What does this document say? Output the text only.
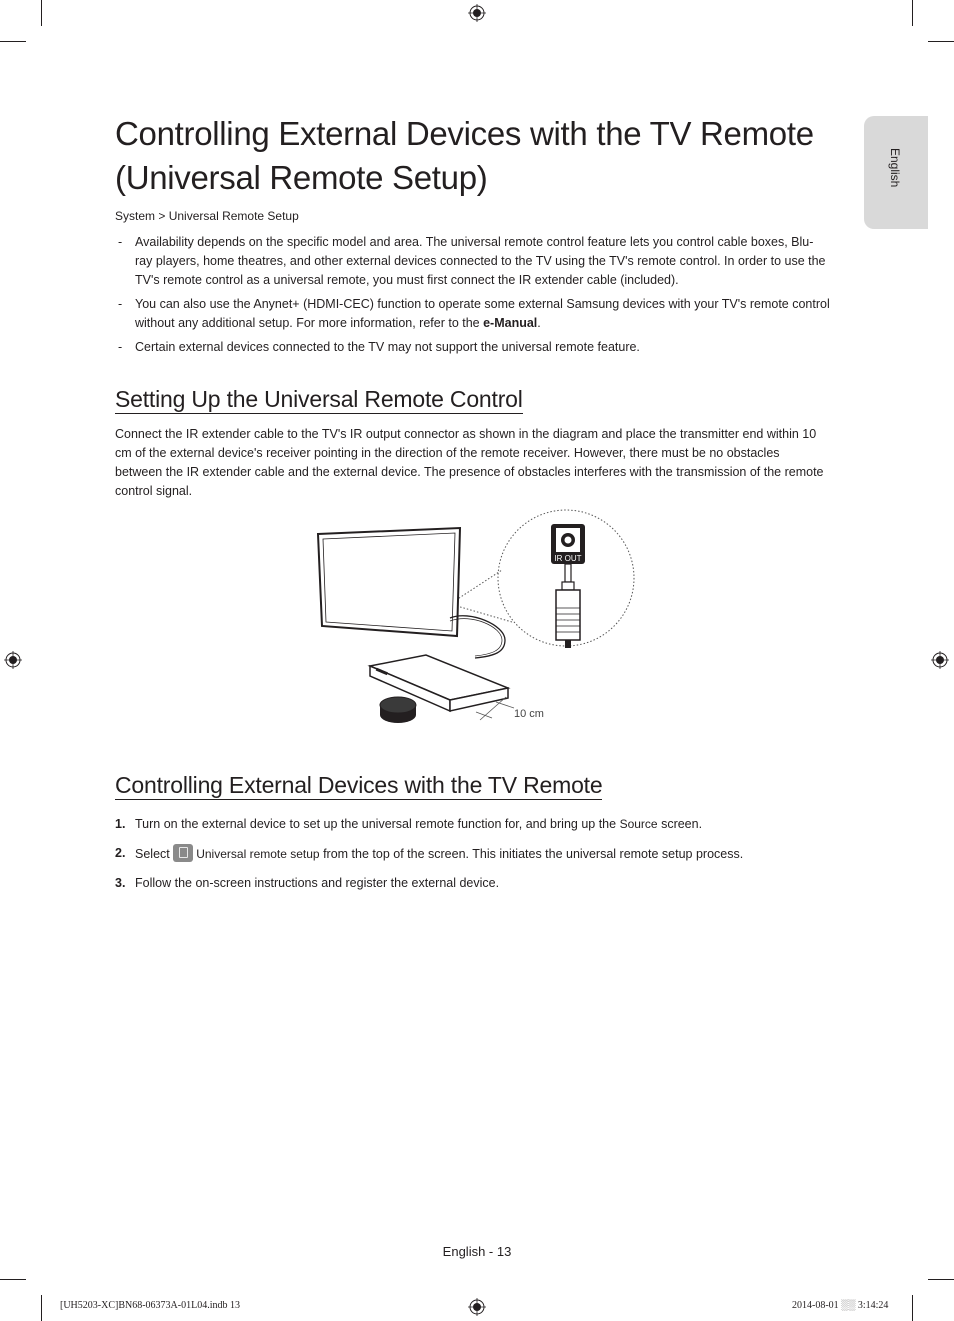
English
Controlling External Devices with the TV Remote (Universal Remote Setup)
System > Universal Remote Setup
- Availability depends on the specific model and area. The universal remote control feature lets you control cable boxes, Blu-ray players, home theatres, and other external devices connected to the TV using the TV's remote control. In order to use the TV's remote control as a universal remote, you must first connect the IR extender cable (included).
- You can also use the Anynet+ (HDMI-CEC) function to operate some external Samsung devices with your TV's remote control without any additional setup. For more information, refer to the e-Manual.
- Certain external devices connected to the TV may not support the universal remote feature.
Setting Up the Universal Remote Control

Connect the IR extender cable to the TV's IR output connector as shown in the diagram and place the transmitter end within 10 cm of the external device's receiver pointing in the direction of the remote receiver. However, there must be no obstacles between the IR extender cable and the external device. The presence of obstacles interferes with the transmission of the remote control signal.

IR OUT
10 cm
Controlling External Devices with the TV Remote
1. Turn on the external device to set up the universal remote function for, and bring up the Source screen.
2. Select Universal remote setup from the top of the screen. This initiates the universal remote setup process.
3. Follow the on-screen instructions and register the external device.
English - 13
[UH5203-XC]BN68-06373A-01L04.indb 13	2014-08-01 ░░ 3:14:24
